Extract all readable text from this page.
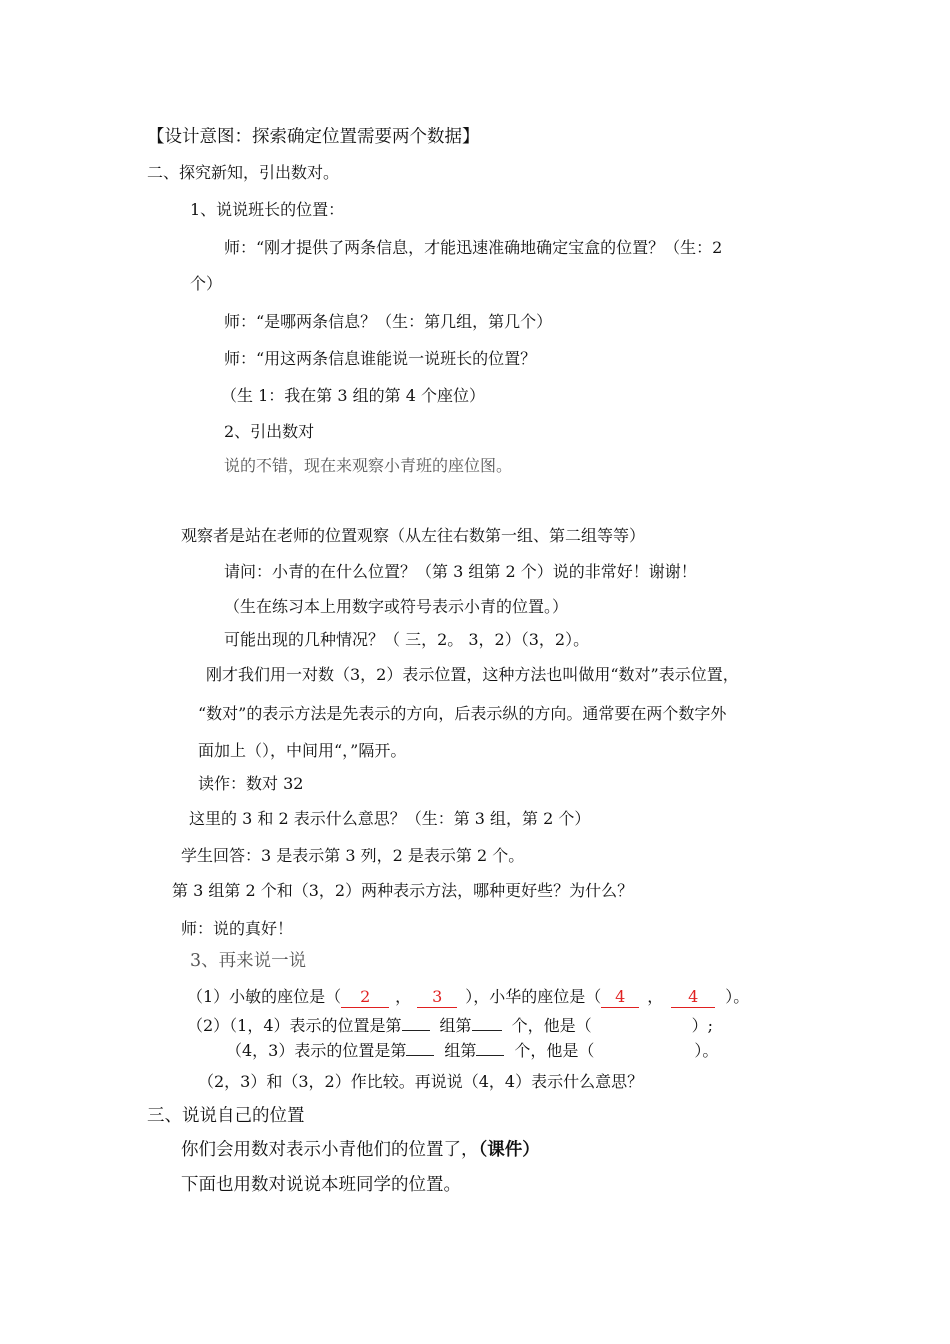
【设计意图：探索确定位置需要两个数据】
二、探究新知，引出数对。
1、说说班长的位置：
师：“刚才提供了两条信息，才能迅速准确地确定宝盒的位置？（生：2
个）
师：“是哪两条信息？（生：第几组，第几个）
师：“用这两条信息谁能说一说班长的位置？
（生 1：我在第 3 组的第 4 个座位）
2、引出数对
说的不错，现在来观察小青班的座位图。
观察者是站在老师的位置观察（从左往右数第一组、第二组等等）
请问：小青的在什么位置？（第 3 组第 2 个）说的非常好！谢谢！
（生在练习本上用数字或符号表示小青的位置。）
可能出现的几种情况？（ 三，2。 3，2）（3，2）。
刚才我们用一对数（3，2）表示位置，这种方法也叫做用“数对”表示位置，
“数对”的表示方法是先表示的方向，后表示纵的方向。通常要在两个数字外
面加上（），中间用“，”隔开。
读作：数对 32
这里的 3 和 2 表示什么意思？（生：第 3 组，第 2 个）
学生回答：3 是表示第 3 列，2 是表示第 2 个。
第 3 组第 2 个和（3，2）两种表示方法，哪种更好些？为什么？
师：说的真好！
3、再来说一说
（1）小敏的座位是（ 2 ， 3 ），小华的座位是（ 4 ， 4 ）。
（2）（1，4）表示的位置是第 组第	个，他是（	）;
（4，3）表示的位置是第 组第 个，他是（	）。
（2，3）和（3，2）作比较。再说说（4，4）表示什么意思？
三、说说自己的位置
你们会用数对表示小青他们的位置了，（课件）
下面也用数对说说本班同学的位置。
